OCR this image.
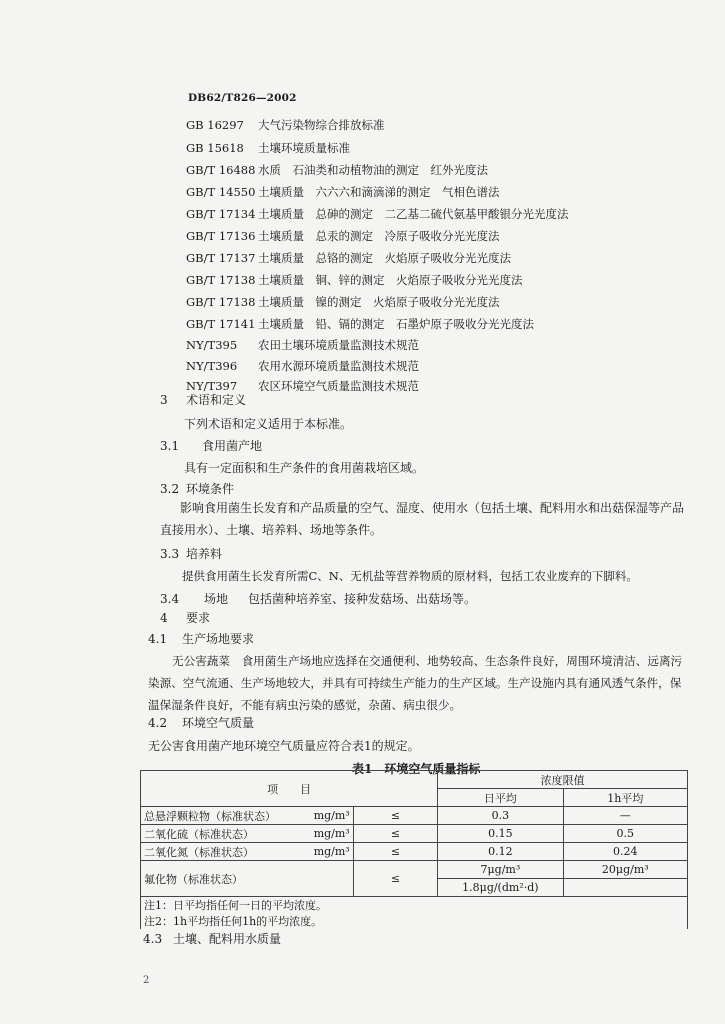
DB62/T826—2002
GB 16297 大气污染物综合排放标准
GB 15618 土壤环境质量标准
GB/T 16488 水质　石油类和动植物油的测定　红外光度法
GB/T 14550 土壤质量　六六六和滴滴涕的测定　气相色谱法
GB/T 17134 土壤质量　总砷的测定　二乙基二硫代氨基甲酸银分光光度法
GB/T 17136 土壤质量　总汞的测定　冷原子吸收分光光度法
GB/T 17137 土壤质量　总铬的测定　火焰原子吸收分光光度法
GB/T 17138 土壤质量　铜、锌的测定　火焰原子吸收分光光度法
GB/T 17138 土壤质量　镍的测定　火焰原子吸收分光光度法
GB/T 17141 土壤质量　铅、镉的测定　石墨炉原子吸收分光光度法
NY/T395 农田土壤环境质量监测技术规范
NY/T396 农用水源环境质量监测技术规范
NY/T397 农区环境空气质量监测技术规范
3 术语和定义
下列术语和定义适用于本标准。
3.1 食用菌产地
具有一定面积和生产条件的食用菌栽培区域。
3.2 环境条件
影响食用菌生长发育和产品质量的空气、湿度、使用水（包括土壤、配料用水和出菇保湿等产品直接用水）、土壤、培养料、场地等条件。
3.3 培养料
提供食用菌生长发育所需C、N、无机盐等营养物质的原材料，包括工农业废弃的下脚料。
3.4 场地 包括菌种培养室、接种发菇场、出菇场等。
4 要求
4.1 生产场地要求
无公害蔬菜　食用菌生产场地应选择在交通便利、地势较高、生态条件良好，周围环境清洁、远离污染源、空气流通、生产场地较大，并具有可持续生产能力的生产区域。生产设施内具有通风透气条件，保温保湿条件良好，不能有病虫污染的感觉，杂菌、病虫很少。
4.2 环境空气质量
无公害食用菌产地环境空气质量应符合表1的规定。
表1　环境空气质量指标
项　　目			浓度限值	
			日平均	1h平均
总悬浮颗粒物（标准状态）	mg/m³	≤	0.3	—
二氧化硫（标准状态）	mg/m³	≤	0.15	0.5
二氧化氮（标准状态）	mg/m³	≤	0.12	0.24
氟化物（标准状态）		≤	7μg/m³	20μg/m³
			1.8μg/(dm²·d)	
注1：日平均指任何一日的平均浓度。				
注2：1h平均指任何1h的平均浓度。				
4.3 土壤、配料用水质量
2
